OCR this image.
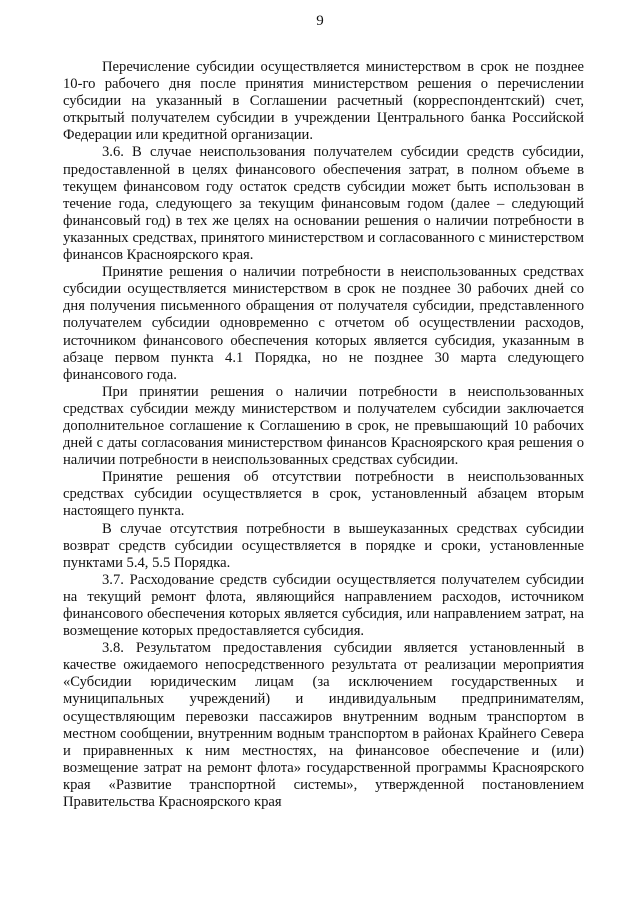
9

Перечисление субсидии осуществляется министерством в срок не позднее 10-го рабочего дня после принятия министерством решения о перечислении субсидии на указанный в Соглашении расчетный (корреспондентский) счет, открытый получателем субсидии в учреждении Центрального банка Российской Федерации или кредитной организации.

3.6. В случае неиспользования получателем субсидии средств субсидии, предоставленной в целях финансового обеспечения затрат, в полном объеме в текущем финансовом году остаток средств субсидии может быть использован в течение года, следующего за текущим финансовым годом (далее – следующий финансовый год) в тех же целях на основании решения о наличии потребности в указанных средствах, принятого министерством и согласованного с министерством финансов Красноярского края.

Принятие решения о наличии потребности в неиспользованных средствах субсидии осуществляется министерством в срок не позднее 30 рабочих дней со дня получения письменного обращения от получателя субсидии, представленного получателем субсидии одновременно с отчетом об осуществлении расходов, источником финансового обеспечения которых является субсидия, указанным в абзаце первом пункта 4.1 Порядка, но не позднее 30 марта следующего финансового года.

При принятии решения о наличии потребности в неиспользованных средствах субсидии между министерством и получателем субсидии заключается дополнительное соглашение к Соглашению в срок, не превышающий 10 рабочих дней с даты согласования министерством финансов Красноярского края решения о наличии потребности в неиспользованных средствах субсидии.

Принятие решения об отсутствии потребности в неиспользованных средствах субсидии осуществляется в срок, установленный абзацем вторым настоящего пункта.

В случае отсутствия потребности в вышеуказанных средствах субсидии возврат средств субсидии осуществляется в порядке и сроки, установленные пунктами 5.4, 5.5 Порядка.

3.7. Расходование средств субсидии осуществляется получателем субсидии на текущий ремонт флота, являющийся направлением расходов, источником финансового обеспечения которых является субсидия, или направлением затрат, на возмещение которых предоставляется субсидия.

3.8. Результатом предоставления субсидии является установленный в качестве ожидаемого непосредственного результата от реализации мероприятия «Субсидии юридическим лицам (за исключением государственных и муниципальных учреждений) и индивидуальным предпринимателям, осуществляющим перевозки пассажиров внутренним водным транспортом в местном сообщении, внутренним водным транспортом в районах Крайнего Севера и приравненных к ним местностях, на финансовое обеспечение и (или) возмещение затрат на ремонт флота» государственной программы Красноярского края «Развитие транспортной системы», утвержденной постановлением Правительства Красноярского края
